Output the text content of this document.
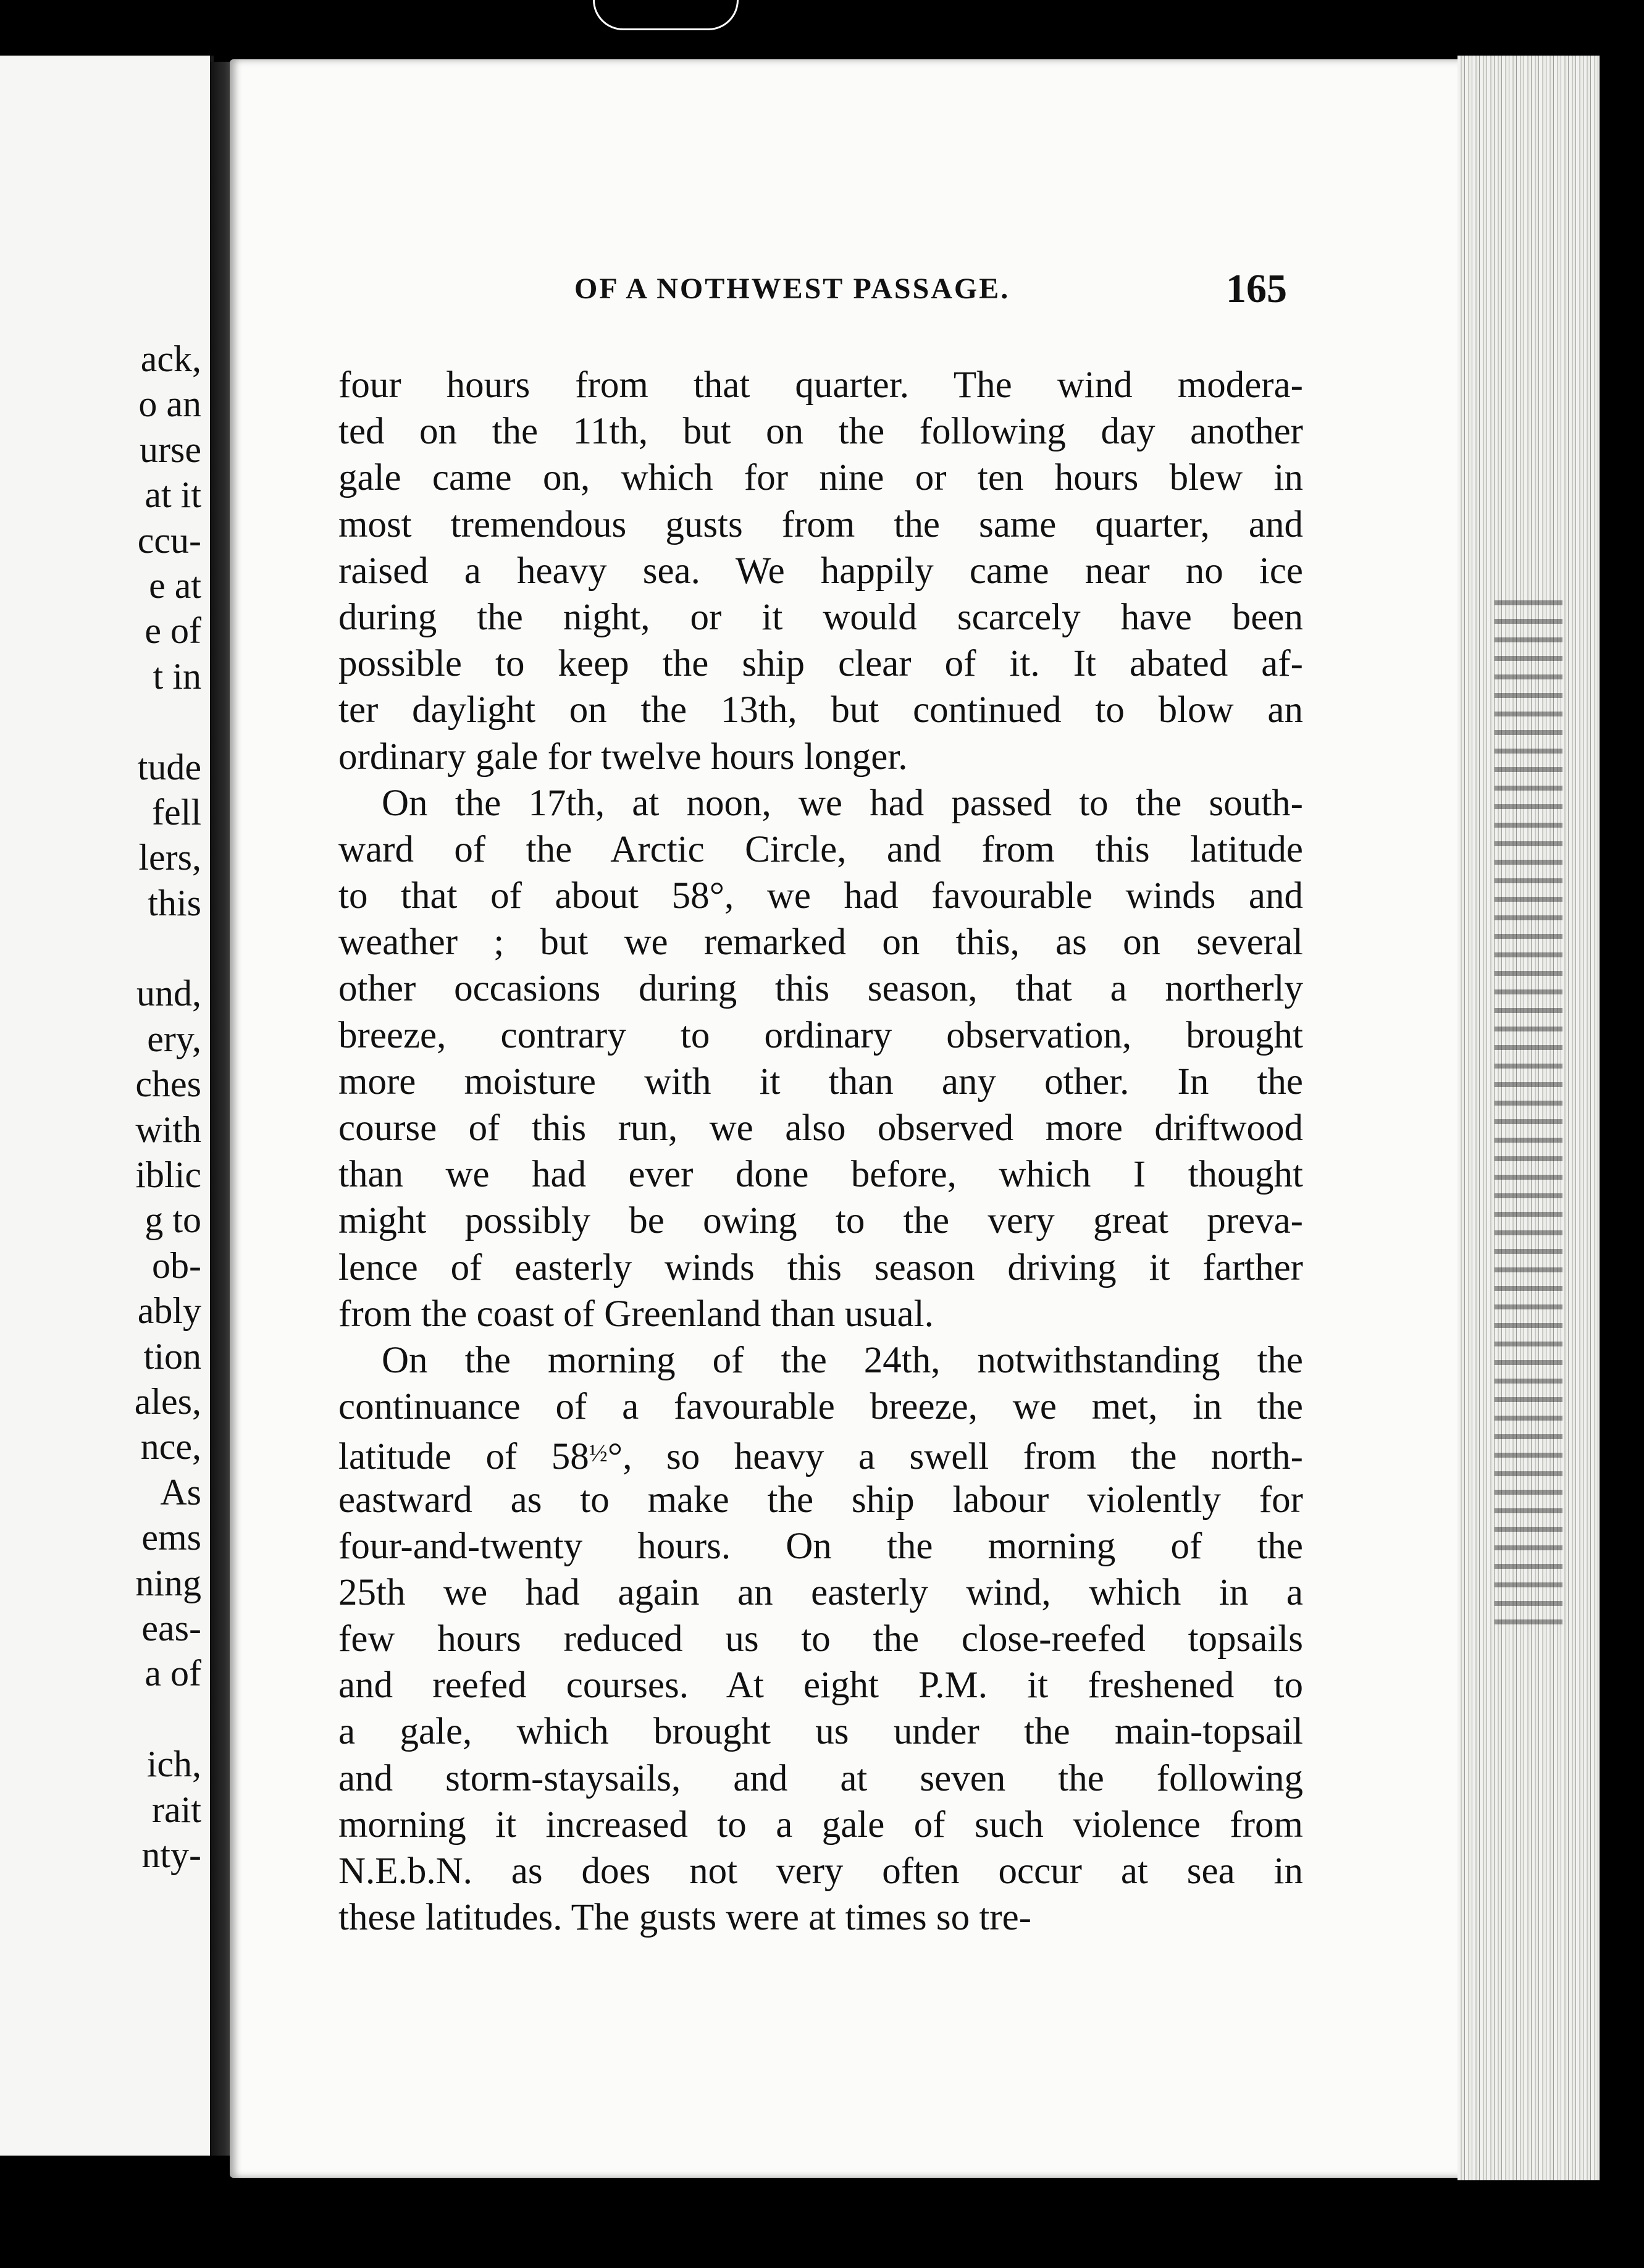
ack,
o an
urse
at it
ccu-
e at
e of
t in
tude
fell
lers,
this
und,
ery,
ches
with
iblic
g to
ob-
ably
tion
ales,
nce,
As
ems
ning
eas-
a of
ich,
rait
nty-
OF A NOTHWEST PASSAGE.	165
four hours from that quarter. The wind modera-
ted on the 11th, but on the following day another
gale came on, which for nine or ten hours blew in
most tremendous gusts from the same quarter, and
raised a heavy sea. We happily came near no ice
during the night, or it would scarcely have been
possible to keep the ship clear of it. It abated af-
ter daylight on the 13th, but continued to blow an
ordinary gale for twelve hours longer.
On the 17th, at noon, we had passed to the south-
ward of the Arctic Circle, and from this latitude
to that of about 58°, we had favourable winds and
weather ; but we remarked on this, as on several
other occasions during this season, that a northerly
breeze, contrary to ordinary observation, brought
more moisture with it than any other. In the
course of this run, we also observed more driftwood
than we had ever done before, which I thought
might possibly be owing to the very great preva-
lence of easterly winds this season driving it farther
from the coast of Greenland than usual.
On the morning of the 24th, notwithstanding the
continuance of a favourable breeze, we met, in the
latitude of 58½°, so heavy a swell from the north-
eastward as to make the ship labour violently for
four-and-twenty hours. On the morning of the
25th we had again an easterly wind, which in a
few hours reduced us to the close-reefed topsails
and reefed courses. At eight P.M. it freshened to
a gale, which brought us under the main-topsail
and storm-staysails, and at seven the following
morning it increased to a gale of such violence from
N.E.b.N. as does not very often occur at sea in
these latitudes. The gusts were at times so tre-
